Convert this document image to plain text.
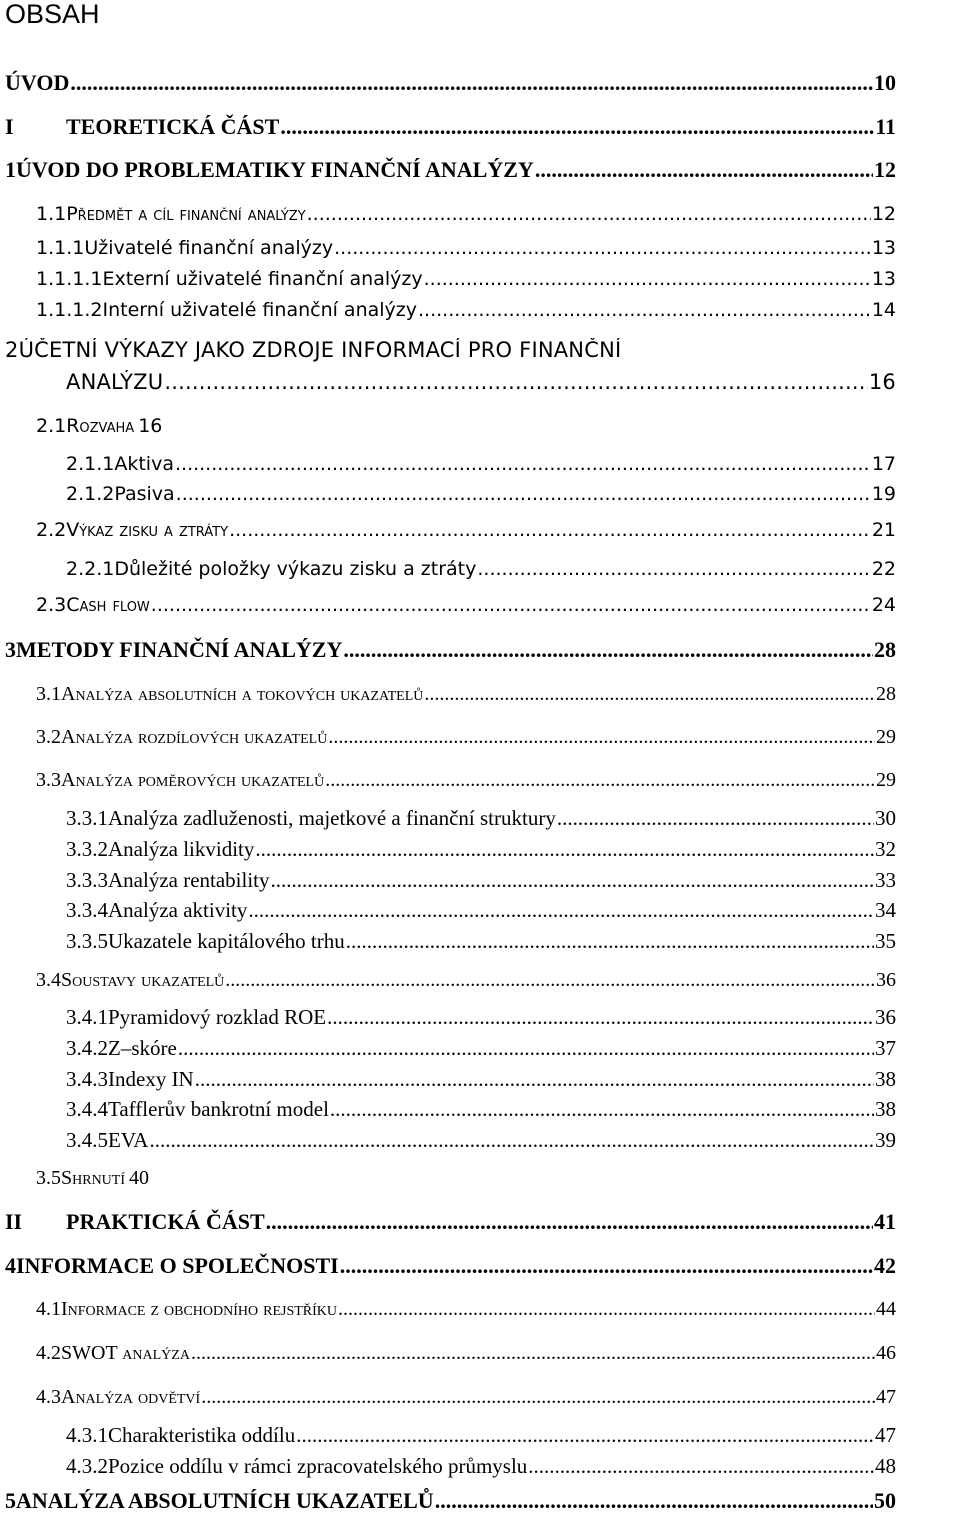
OBSAH
ÚVOD .....	10
I	TEORETICKÁ ČÁST .....	11
1 ÚVOD DO PROBLEMATIKY FINANČNÍ ANALÝZY .....	12
1.1 Předmět a cíl finanční analýzy .....	12
1.1.1 Uživatelé finanční analýzy .....	13
1.1.1.1 Externí uživatelé finanční analýzy .....	13
1.1.1.2 Interní uživatelé finanční analýzy .....	14
2 ÚČETNÍ VÝKAZY JAKO ZDROJE INFORMACÍ PRO FINANČNÍ
ANALÝZU .....	16
2.1 Rozvaha 16
2.1.1 Aktiva .....	17
2.1.2 Pasiva .....	19
2.2 Výkaz zisku a ztráty .....	21
2.2.1 Důležité položky výkazu zisku a ztráty .....	22
2.3 Cash flow .....	24
3 METODY FINANČNÍ ANALÝZY .....	28
3.1 Analýza absolutních a tokových ukazatelů .....	28
3.2 Analýza rozdílových ukazatelů .....	29
3.3 Analýza poměrových ukazatelů .....	29
3.3.1 Analýza zadluženosti, majetkové a finanční struktury .....	30
3.3.2 Analýza likvidity .....	32
3.3.3 Analýza rentability .....	33
3.3.4 Analýza aktivity .....	34
3.3.5 Ukazatele kapitálového trhu .....	35
3.4 Soustavy ukazatelů .....	36
3.4.1 Pyramidový rozklad ROE .....	36
3.4.2 Z–skóre .....	37
3.4.3 Indexy IN .....	38
3.4.4 Tafflerův bankrotní model .....	38
3.4.5 EVA .....	39
3.5 Shrnutí 40
II	PRAKTICKÁ ČÁST .....	41
4 INFORMACE O SPOLEČNOSTI .....	42
4.1 Informace z obchodního rejstříku .....	44
4.2 SWOT analýza .....	46
4.3 Analýza odvětví .....	47
4.3.1 Charakteristika oddílu .....	47
4.3.2 Pozice oddílu v rámci zpracovatelského průmyslu .....	48
5 ANALÝZA ABSOLUTNÍCH UKAZATELŮ .....	50
